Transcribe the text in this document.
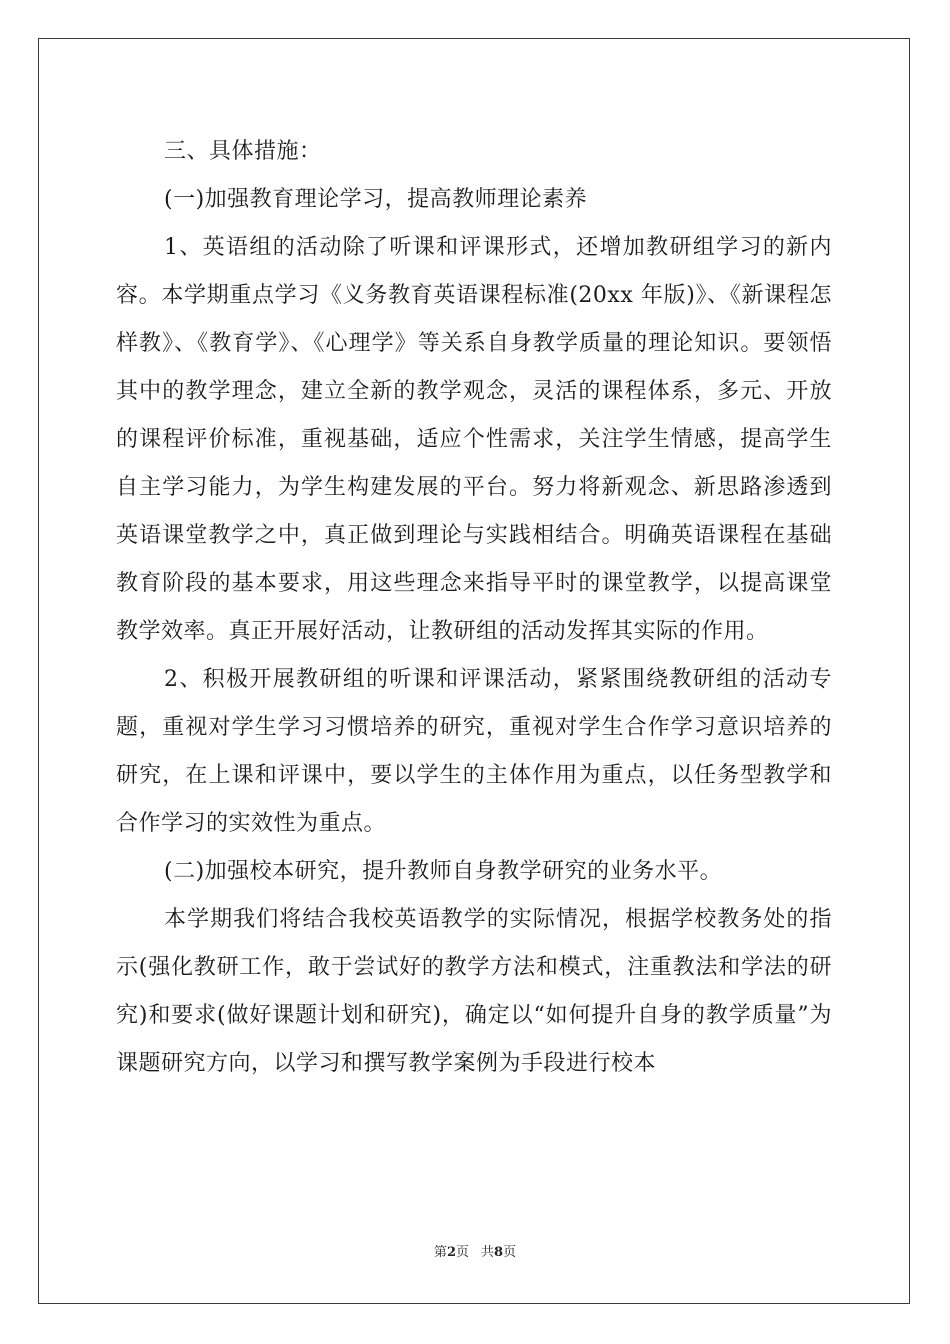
三、具体措施：

(一)加强教育理论学习，提高教师理论素养

1、英语组的活动除了听课和评课形式，还增加教研组学习的新内容。本学期重点学习《义务教育英语课程标准(20xx 年版)》、《新课程怎样教》、《教育学》、《心理学》等关系自身教学质量的理论知识。要领悟其中的教学理念，建立全新的教学观念，灵活的课程体系，多元、开放的课程评价标准，重视基础，适应个性需求，关注学生情感，提高学生自主学习能力，为学生构建发展的平台。努力将新观念、新思路渗透到英语课堂教学之中，真正做到理论与实践相结合。明确英语课程在基础教育阶段的基本要求，用这些理念来指导平时的课堂教学，以提高课堂教学效率。真正开展好活动，让教研组的活动发挥其实际的作用。

2、积极开展教研组的听课和评课活动，紧紧围绕教研组的活动专题，重视对学生学习习惯培养的研究，重视对学生合作学习意识培养的研究，在上课和评课中，要以学生的主体作用为重点，以任务型教学和合作学习的实效性为重点。

(二)加强校本研究，提升教师自身教学研究的业务水平。

本学期我们将结合我校英语教学的实际情况，根据学校教务处的指示(强化教研工作，敢于尝试好的教学方法和模式，注重教法和学法的研究)和要求(做好课题计划和研究)，确定以“如何提升自身的教学质量”为课题研究方向，以学习和撰写教学案例为手段进行校本

第2页 共8页
